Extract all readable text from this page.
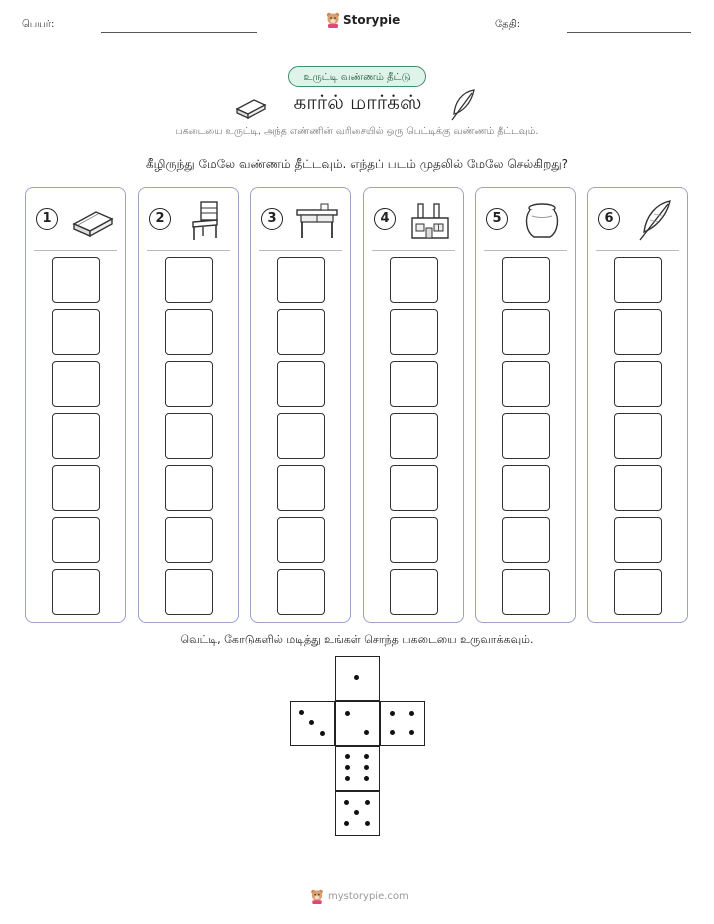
பெயர்:	Storypie	தேதி:
உருட்டி வண்ணம் தீட்டு
கார்ல் மார்க்ஸ்
பகடையை உருட்டி, அந்த எண்ணின் வரிசையில் ஒரு பெட்டிக்கு வண்ணம் தீட்டவும்.
கீழிருந்து மேலே வண்ணம் தீட்டவும். எந்தப் படம் முதலில் மேலே செல்கிறது?
1	2	3	4	5	6
வெட்டி, கோடுகளில் மடித்து உங்கள் சொந்த பகடையை உருவாக்கவும்.
mystorypie.com
